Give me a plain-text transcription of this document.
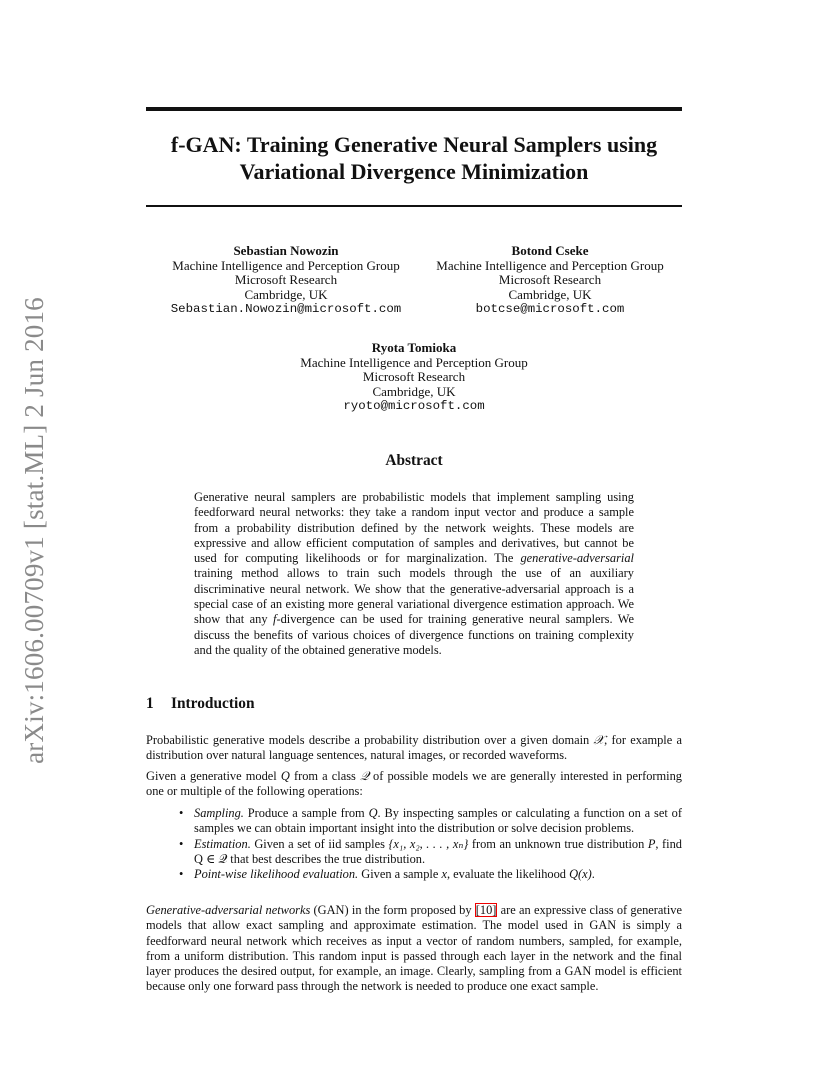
arXiv:1606.00709v1 [stat.ML] 2 Jun 2016
f-GAN: Training Generative Neural Samplers using
Variational Divergence Minimization
Sebastian Nowozin
Machine Intelligence and Perception Group
Microsoft Research
Cambridge, UK
Sebastian.Nowozin@microsoft.com
Botond Cseke
Machine Intelligence and Perception Group
Microsoft Research
Cambridge, UK
botcse@microsoft.com
Ryota Tomioka
Machine Intelligence and Perception Group
Microsoft Research
Cambridge, UK
ryoto@microsoft.com
Abstract

Generative neural samplers are probabilistic models that implement sampling using feedforward neural networks: they take a random input vector and produce a sample from a probability distribution defined by the network weights. These models are expressive and allow efficient computation of samples and derivatives, but cannot be used for computing likelihoods or for marginalization. The generative-adversarial training method allows to train such models through the use of an auxiliary discriminative neural network. We show that the generative-adversarial approach is a special case of an existing more general variational divergence estimation approach. We show that any f-divergence can be used for training generative neural samplers. We discuss the benefits of various choices of divergence functions on training complexity and the quality of the obtained generative models.

1 Introduction

Probabilistic generative models describe a probability distribution over a given domain 𝒳, for example a distribution over natural language sentences, natural images, or recorded waveforms.

Given a generative model Q from a class 𝒬 of possible models we are generally interested in performing one or multiple of the following operations:

• Sampling. Produce a sample from Q. By inspecting samples or calculating a function on a set of samples we can obtain important insight into the distribution or solve decision problems.
• Estimation. Given a set of iid samples {x₁, x₂, . . . , xₙ} from an unknown true distribution P, find Q ∈ 𝒬 that best describes the true distribution.
• Point-wise likelihood evaluation. Given a sample x, evaluate the likelihood Q(x).

Generative-adversarial networks (GAN) in the form proposed by [10] are an expressive class of generative models that allow exact sampling and approximate estimation. The model used in GAN is simply a feedforward neural network which receives as input a vector of random numbers, sampled, for example, from a uniform distribution. This random input is passed through each layer in the network and the final layer produces the desired output, for example, an image. Clearly, sampling from a GAN model is efficient because only one forward pass through the network is needed to produce one exact sample.
